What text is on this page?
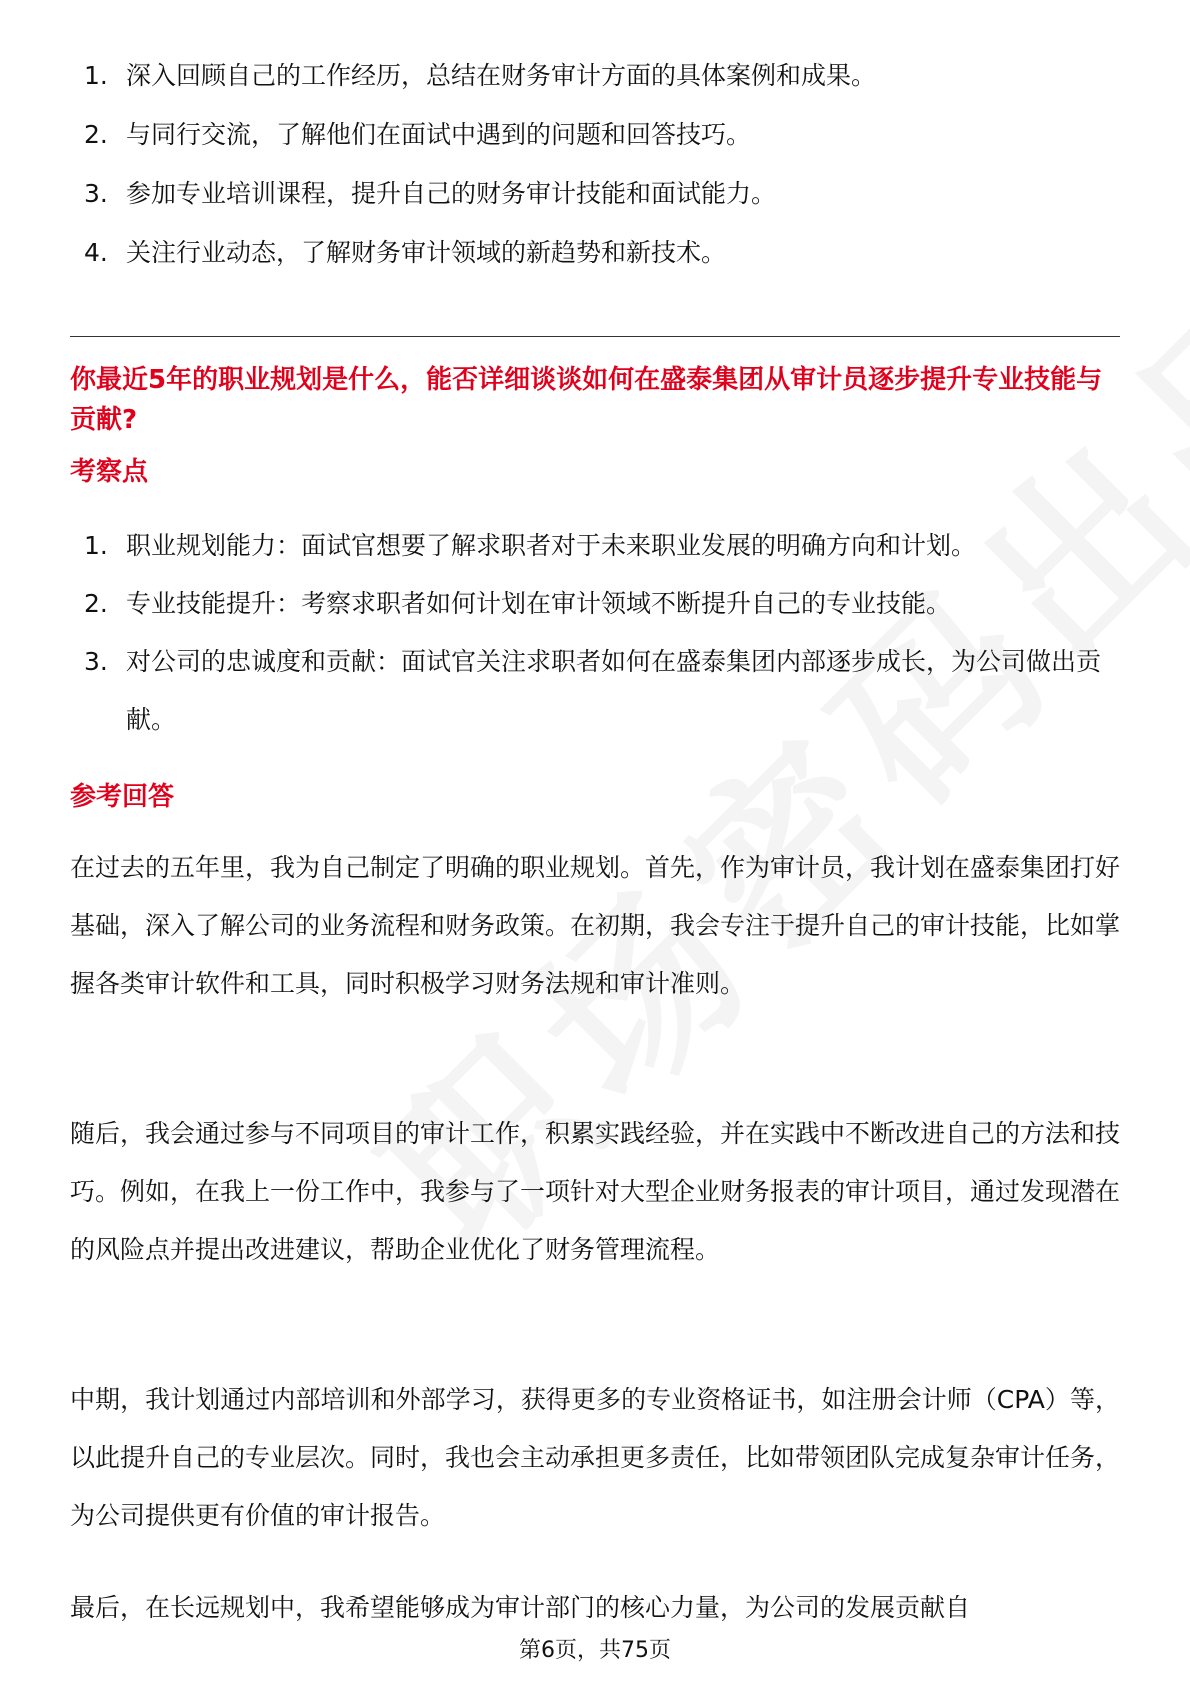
1. 深入回顾自己的工作经历，总结在财务审计方面的具体案例和成果。
2. 与同行交流，了解他们在面试中遇到的问题和回答技巧。
3. 参加专业培训课程，提升自己的财务审计技能和面试能力。
4. 关注行业动态，了解财务审计领域的新趋势和新技术。
你最近5年的职业规划是什么，能否详细谈谈如何在盛泰集团从审计员逐步提升专业技能与贡献?
考察点
1. 职业规划能力：面试官想要了解求职者对于未来职业发展的明确方向和计划。
2. 专业技能提升：考察求职者如何计划在审计领域不断提升自己的专业技能。
3. 对公司的忠诚度和贡献：面试官关注求职者如何在盛泰集团内部逐步成长，为公司做出贡献。
参考回答

在过去的五年里，我为自己制定了明确的职业规划。首先，作为审计员，我计划在盛泰集团打好基础，深入了解公司的业务流程和财务政策。在初期，我会专注于提升自己的审计技能，比如掌握各类审计软件和工具，同时积极学习财务法规和审计准则。

随后，我会通过参与不同项目的审计工作，积累实践经验，并在实践中不断改进自己的方法和技巧。例如，在我上一份工作中，我参与了一项针对大型企业财务报表的审计项目，通过发现潜在的风险点并提出改进建议，帮助企业优化了财务管理流程。

中期，我计划通过内部培训和外部学习，获得更多的专业资格证书，如注册会计师（CPA）等，以此提升自己的专业层次。同时，我也会主动承担更多责任，比如带领团队完成复杂审计任务，为公司提供更有价值的审计报告。

最后，在长远规划中，我希望能够成为审计部门的核心力量，为公司的发展贡献自

第6页，共75页
